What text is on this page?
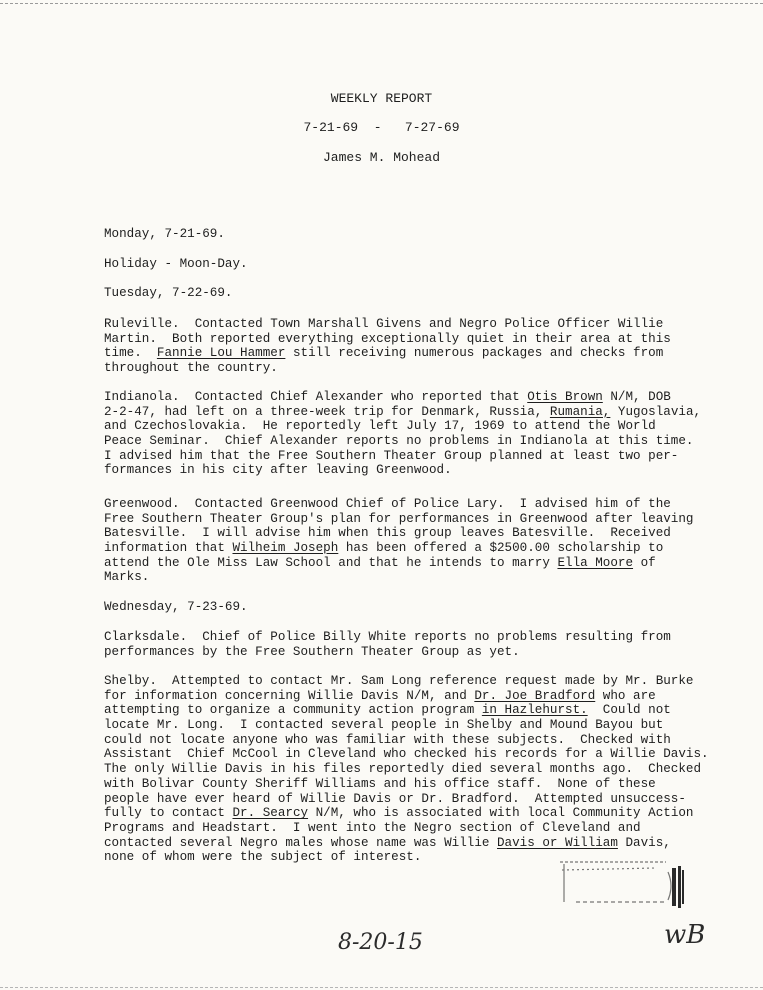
WEEKLY REPORT
7-21-69  -   7-27-69
James M. Mohead
Monday, 7-21-69.
Holiday - Moon-Day.
Tuesday, 7-22-69.
Ruleville.  Contacted Town Marshall Givens and Negro Police Officer Willie
Martin.  Both reported everything exceptionally quiet in their area at this
time.  Fannie Lou Hammer still receiving numerous packages and checks from
throughout the country.
Indianola.  Contacted Chief Alexander who reported that Otis Brown N/M, DOB
2-2-47, had left on a three-week trip for Denmark, Russia, Rumania, Yugoslavia,
and Czechoslovakia.  He reportedly left July 17, 1969 to attend the World
Peace Seminar.  Chief Alexander reports no problems in Indianola at this time.
I advised him that the Free Southern Theater Group planned at least two per-
formances in his city after leaving Greenwood.
Greenwood.  Contacted Greenwood Chief of Police Lary.  I advised him of the
Free Southern Theater Group's plan for performances in Greenwood after leaving
Batesville.  I will advise him when this group leaves Batesville.  Received
information that Wilheim Joseph has been offered a $2500.00 scholarship to
attend the Ole Miss Law School and that he intends to marry Ella Moore of
Marks.
Wednesday, 7-23-69.
Clarksdale.  Chief of Police Billy White reports no problems resulting from
performances by the Free Southern Theater Group as yet.
Shelby.  Attempted to contact Mr. Sam Long reference request made by Mr. Burke
for information concerning Willie Davis N/M, and Dr. Joe Bradford who are
attempting to organize a community action program in Hazlehurst.  Could not
locate Mr. Long.  I contacted several people in Shelby and Mound Bayou but
could not locate anyone who was familiar with these subjects.  Checked with
Assistant  Chief McCool in Cleveland who checked his records for a Willie Davis.
The only Willie Davis in his files reportedly died several months ago.  Checked
with Bolivar County Sheriff Williams and his office staff.  None of these
people have ever heard of Willie Davis or Dr. Bradford.  Attempted unsuccess-
fully to contact Dr. Searcy N/M, who is associated with local Community Action
Programs and Headstart.  I went into the Negro section of Cleveland and
contacted several Negro males whose name was Willie Davis or William Davis,
none of whom were the subject of interest.
8-20-15	wB
